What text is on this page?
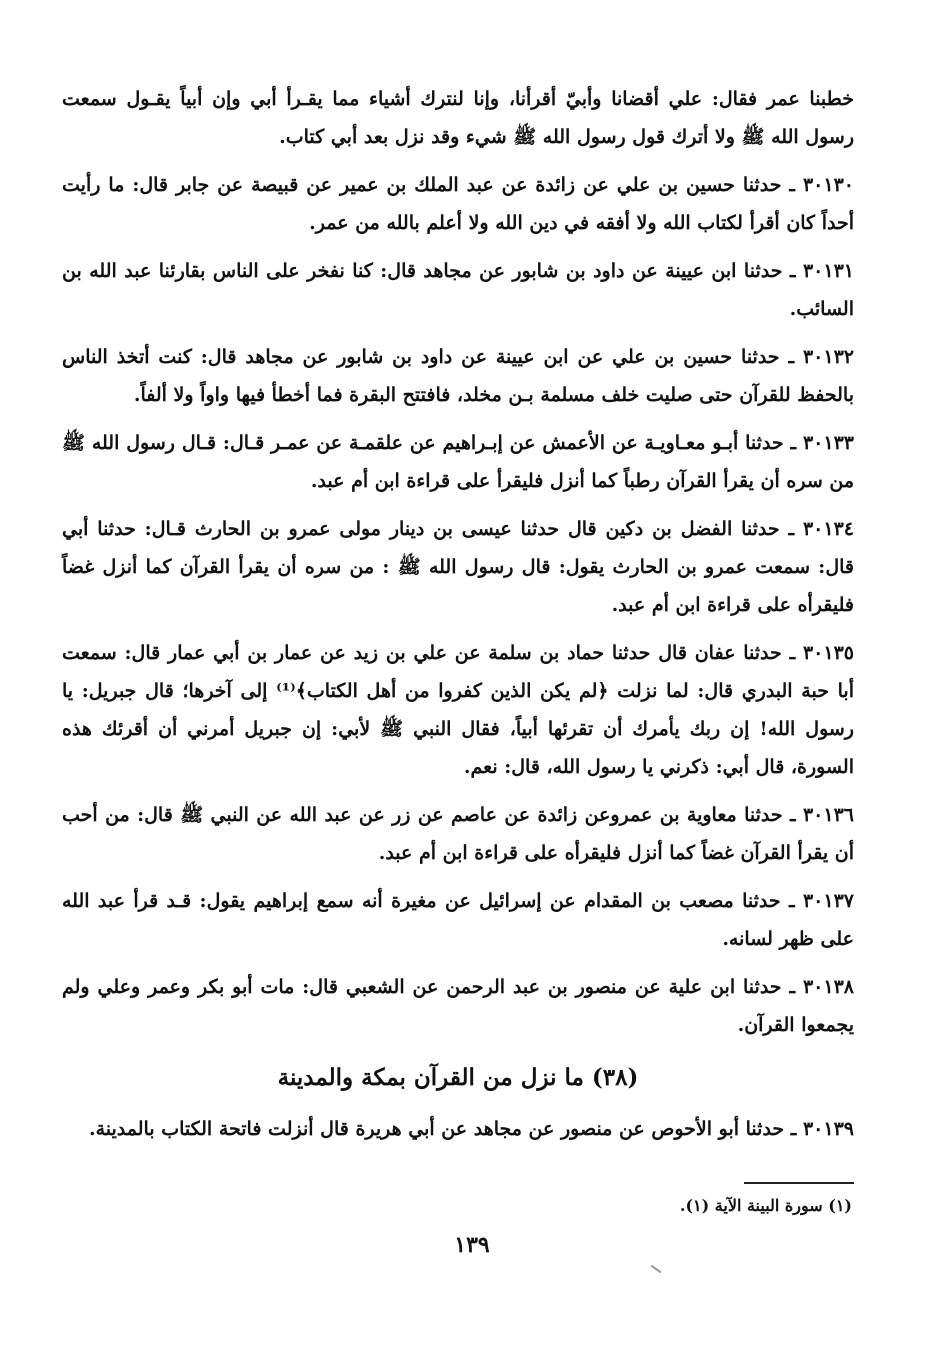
خطبنا عمر فقال: علي أقضانا وأبيّ أقرأنا، وإنا لنترك أشياء مما يقـرأ أبي وإن أبياً يقـول سمعت رسول الله ﷺ ولا أترك قول رسول الله ﷺ شيء وقد نزل بعد أبي كتاب.

٣٠١٣٠ ـ حدثنا حسين بن علي عن زائدة عن عبد الملك بن عمير عن قبيصة عن جابر قال: ما رأيت أحداً كان أقرأ لكتاب الله ولا أفقه في دين الله ولا أعلم بالله من عمر.

٣٠١٣١ ـ حدثنا ابن عيينة عن داود بن شابور عن مجاهد قال: كنا نفخر على الناس بقارئنا عبد الله بن السائب.

٣٠١٣٢ ـ حدثنا حسين بن علي عن ابن عيينة عن داود بن شابور عن مجاهد قال: كنت أتخذ الناس بالحفظ للقرآن حتى صليت خلف مسلمة بـن مخلد، فافتتح البقرة فما أخطأ فيها واواً ولا ألفاً.

٣٠١٣٣ ـ حدثنا أبـو معـاويـة عن الأعمش عن إبـراهيم عن علقمـة عن عمـر قـال: قـال رسول الله ﷺ من سره أن يقرأ القرآن رطباً كما أنزل فليقرأ على قراءة ابن أم عبد.

٣٠١٣٤ ـ حدثنا الفضل بن دكين قال حدثنا عيسى بن دينار مولى عمرو بن الحارث قـال: حدثنا أبي قال: سمعت عمرو بن الحارث يقول: قال رسول الله ﷺ : من سره أن يقرأ القرآن كما أنزل غضاً فليقرأه على قراءة ابن أم عبد.

٣٠١٣٥ ـ حدثنا عفان قال حدثنا حماد بن سلمة عن علي بن زيد عن عمار بن أبي عمار قال: سمعت أبا حبة البدري قال: لما نزلت ﴿لم يكن الذين كفروا من أهل الكتاب﴾⁽¹⁾ إلى آخرها؛ قال جبريل: يا رسول الله! إن ربك يأمرك أن تقرئها أبياً، فقال النبي ﷺ لأبي: إن جبريل أمرني أن أقرئك هذه السورة، قال أبي: ذكرني يا رسول الله، قال: نعم.

٣٠١٣٦ ـ حدثنا معاوية بن عمروعن زائدة عن عاصم عن زر عن عبد الله عن النبي ﷺ قال: من أحب أن يقرأ القرآن غضاً كما أنزل فليقرأه على قراءة ابن أم عبد.

٣٠١٣٧ ـ حدثنا مصعب بن المقدام عن إسرائيل عن مغيرة أنه سمع إبراهيم يقول: قـد قرأ عبد الله على ظهر لسانه.

٣٠١٣٨ ـ حدثنا ابن علية عن منصور بن عبد الرحمن عن الشعبي قال: مات أبو بكر وعمر وعلي ولم يجمعوا القرآن.

(٣٨) ما نزل من القرآن بمكة والمدينة

٣٠١٣٩ ـ حدثنا أبو الأحوص عن منصور عن مجاهد عن أبي هريرة قال أنزلت فاتحة الكتاب بالمدينة.

(١) سورة البينة الآية (١).
١٣٩
